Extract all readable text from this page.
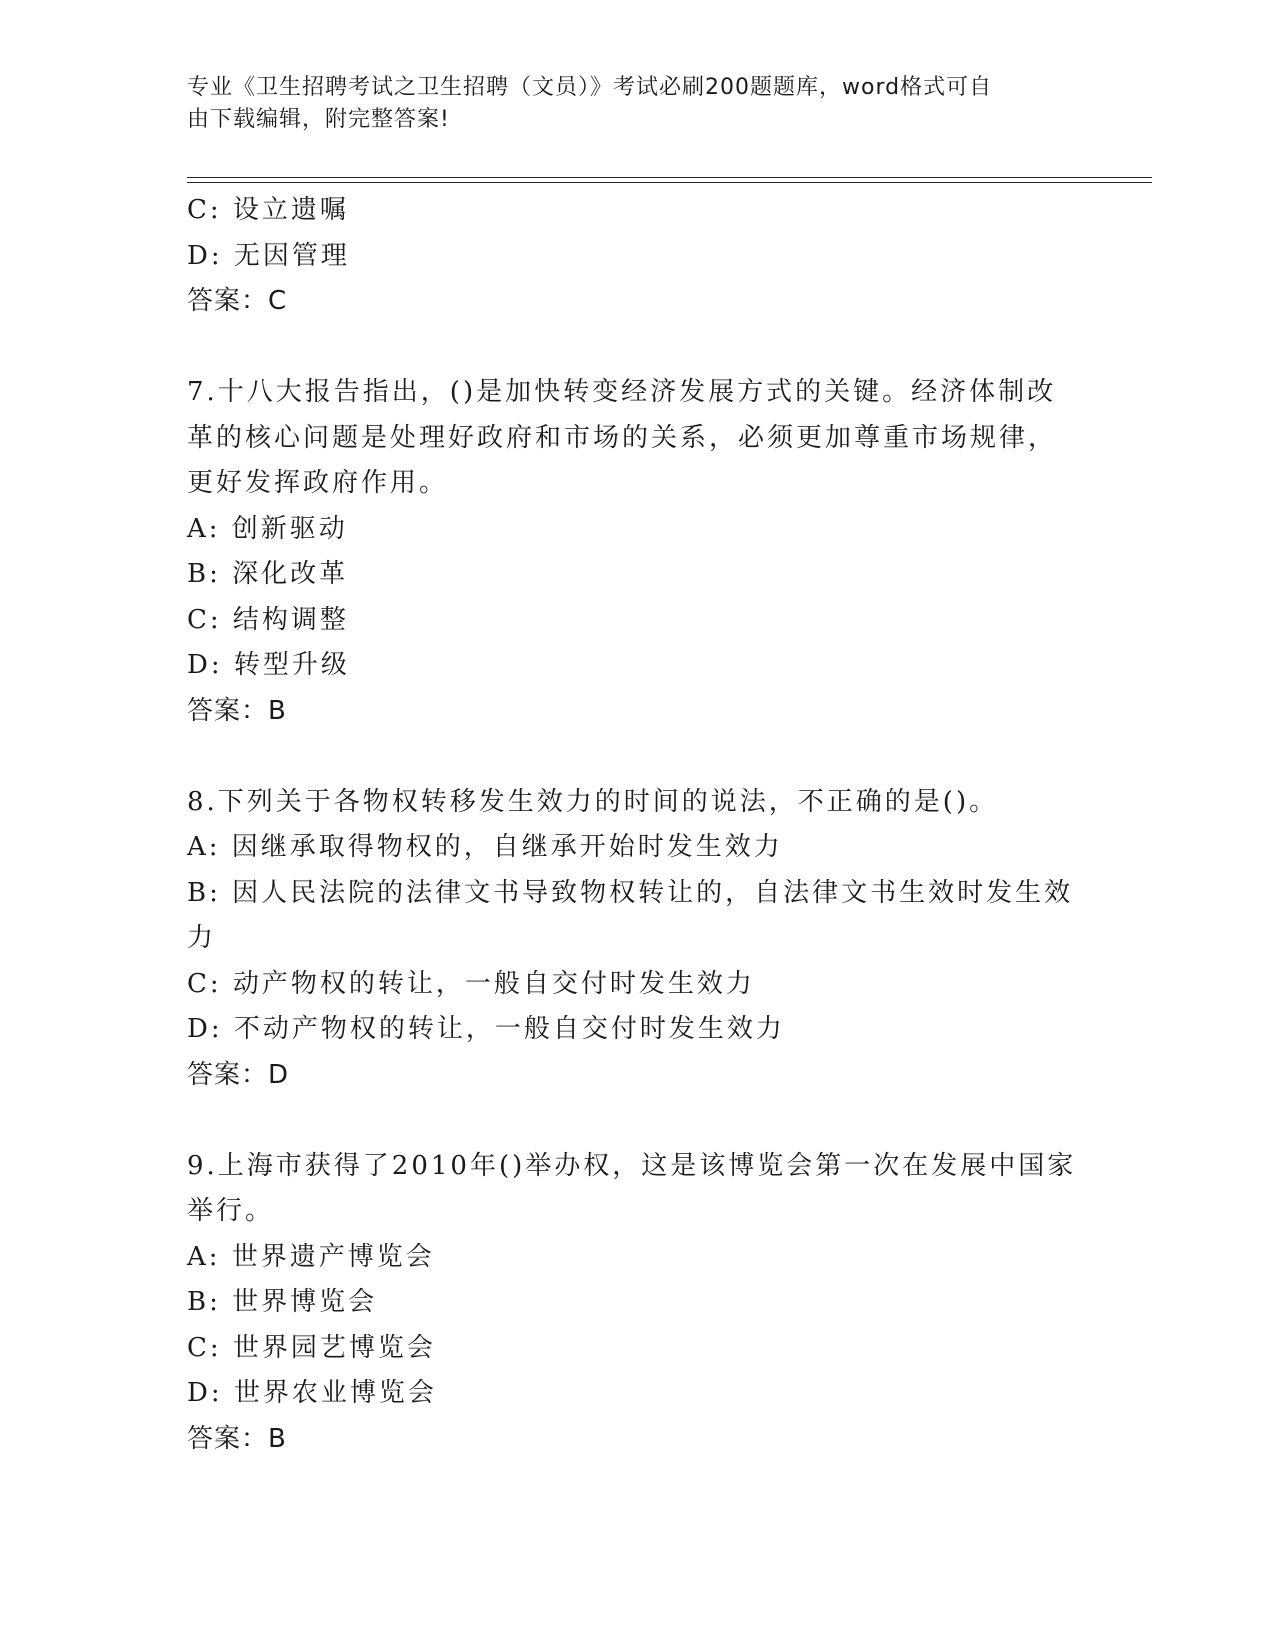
专业《卫生招聘考试之卫生招聘（文员）》考试必刷200题题库，word格式可自
由下载编辑，附完整答案!
C: 设立遗嘱
D: 无因管理
答案：C
7.十八大报告指出，()是加快转变经济发展方式的关键。经济体制改
革的核心问题是处理好政府和市场的关系，必须更加尊重市场规律，
更好发挥政府作用。
A: 创新驱动
B: 深化改革
C: 结构调整
D: 转型升级
答案：B
8.下列关于各物权转移发生效力的时间的说法，不正确的是()。
A: 因继承取得物权的，自继承开始时发生效力
B: 因人民法院的法律文书导致物权转让的，自法律文书生效时发生效
力
C: 动产物权的转让，一般自交付时发生效力
D: 不动产物权的转让，一般自交付时发生效力
答案：D
9.上海市获得了2010年()举办权，这是该博览会第一次在发展中国家
举行。
A: 世界遗产博览会
B: 世界博览会
C: 世界园艺博览会
D: 世界农业博览会
答案：B
